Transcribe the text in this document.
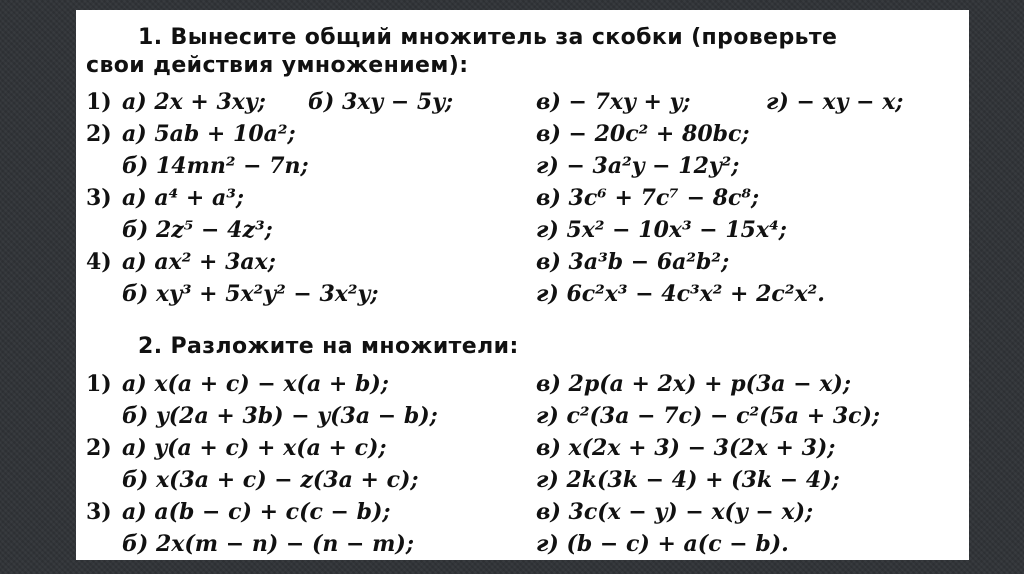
1. Вынесите общий множитель за скобки (проверьте
свои действия умножением):
1) а) 2x + 3xy; б) 3xy − 5y;	в) − 7xy + y;	г) − xy − x;
2) а) 5ab + 10a²;	в) − 20c² + 80bc;
б) 14mn² − 7n;	г) − 3a²y − 12y²;
3) а) a⁴ + a³;	в) 3c⁶ + 7c⁷ − 8c⁸;
б) 2z⁵ − 4z³;	г) 5x² − 10x³ − 15x⁴;
4) а) ax² + 3ax;	в) 3a³b − 6a²b²;
б) xy³ + 5x²y² − 3x²y;	г) 6c²x³ − 4c³x² + 2c²x².
2. Разложите на множители:
1) а) x(a + c) − x(a + b);	в) 2p(a + 2x) + p(3a − x);
б) y(2a + 3b) − y(3a − b);	г) c²(3a − 7c) − c²(5a + 3c);
2) а) y(a + c) + x(a + c);	в) x(2x + 3) − 3(2x + 3);
б) x(3a + c) − z(3a + c);	г) 2k(3k − 4) + (3k − 4);
3) а) a(b − c) + c(c − b);	в) 3c(x − y) − x(y − x);
б) 2x(m − n) − (n − m);	г) (b − c) + a(c − b).
